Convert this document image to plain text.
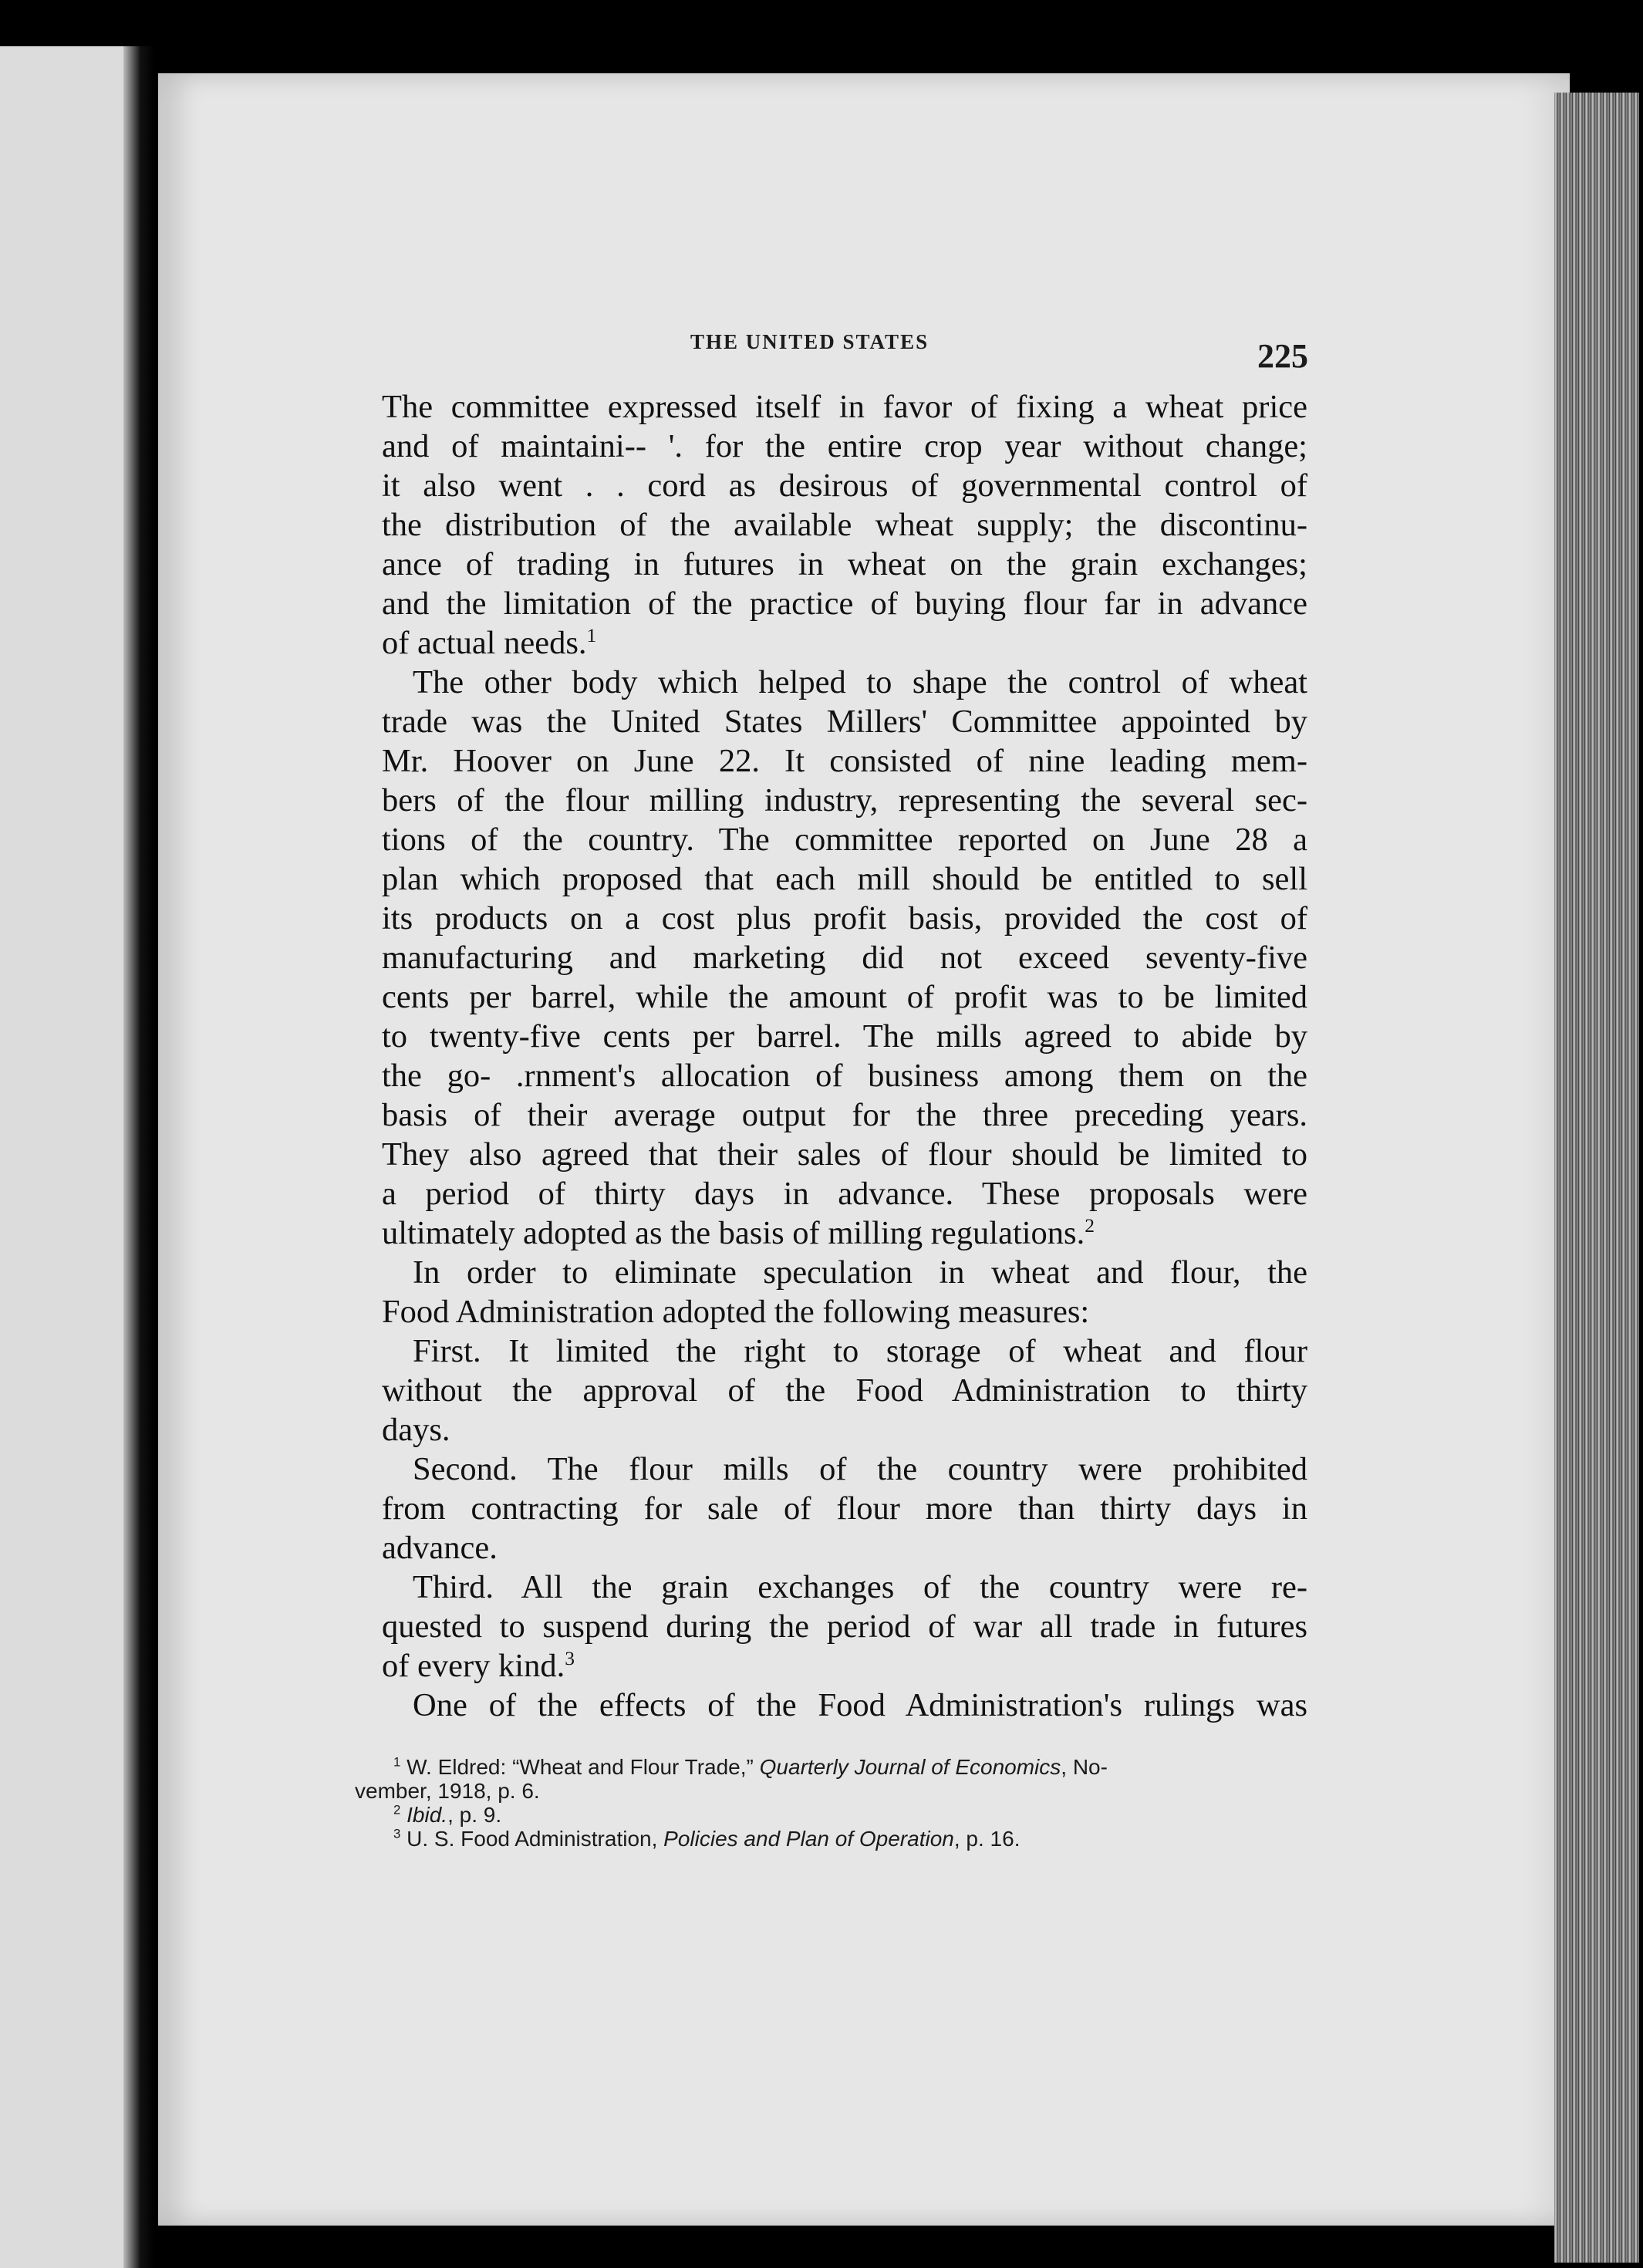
THE UNITED STATES	225
The committee expressed itself in favor of fixing a wheat price
and of maintaini-- '. for the entire crop year without change;
it also went . . cord as desirous of governmental control of
the distribution of the available wheat supply; the discontinu-
ance of trading in futures in wheat on the grain exchanges;
and the limitation of the practice of buying flour far in advance
of actual needs.$^1$
The other body which helped to shape the control of wheat
trade was the United States Millers' Committee appointed by
Mr. Hoover on June 22. It consisted of nine leading mem-
bers of the flour milling industry, representing the several sec-
tions of the country. The committee reported on June 28 a
plan which proposed that each mill should be entitled to sell
its products on a cost plus profit basis, provided the cost of
manufacturing and marketing did not exceed seventy-five
cents per barrel, while the amount of profit was to be limited
to twenty-five cents per barrel. The mills agreed to abide by
the go- .rnment's allocation of business among them on the
basis of their average output for the three preceding years.
They also agreed that their sales of flour should be limited to
a period of thirty days in advance. These proposals were
ultimately adopted as the basis of milling regulations.$^2$
In order to eliminate speculation in wheat and flour, the
Food Administration adopted the following measures:
First. It limited the right to storage of wheat and flour
without the approval of the Food Administration to thirty
days.
Second. The flour mills of the country were prohibited
from contracting for sale of flour more than thirty days in
advance.
Third. All the grain exchanges of the country were re-
quested to suspend during the period of war all trade in futures
of every kind.$^3$
One of the effects of the Food Administration's rulings was
$^1$ W. Eldred: “Wheat and Flour Trade,” Quarterly Journal of Economics, No-
vember, 1918, p. 6.
$^2$ Ibid., p. 9.
$^3$ U. S. Food Administration, Policies and Plan of Operation, p. 16.
